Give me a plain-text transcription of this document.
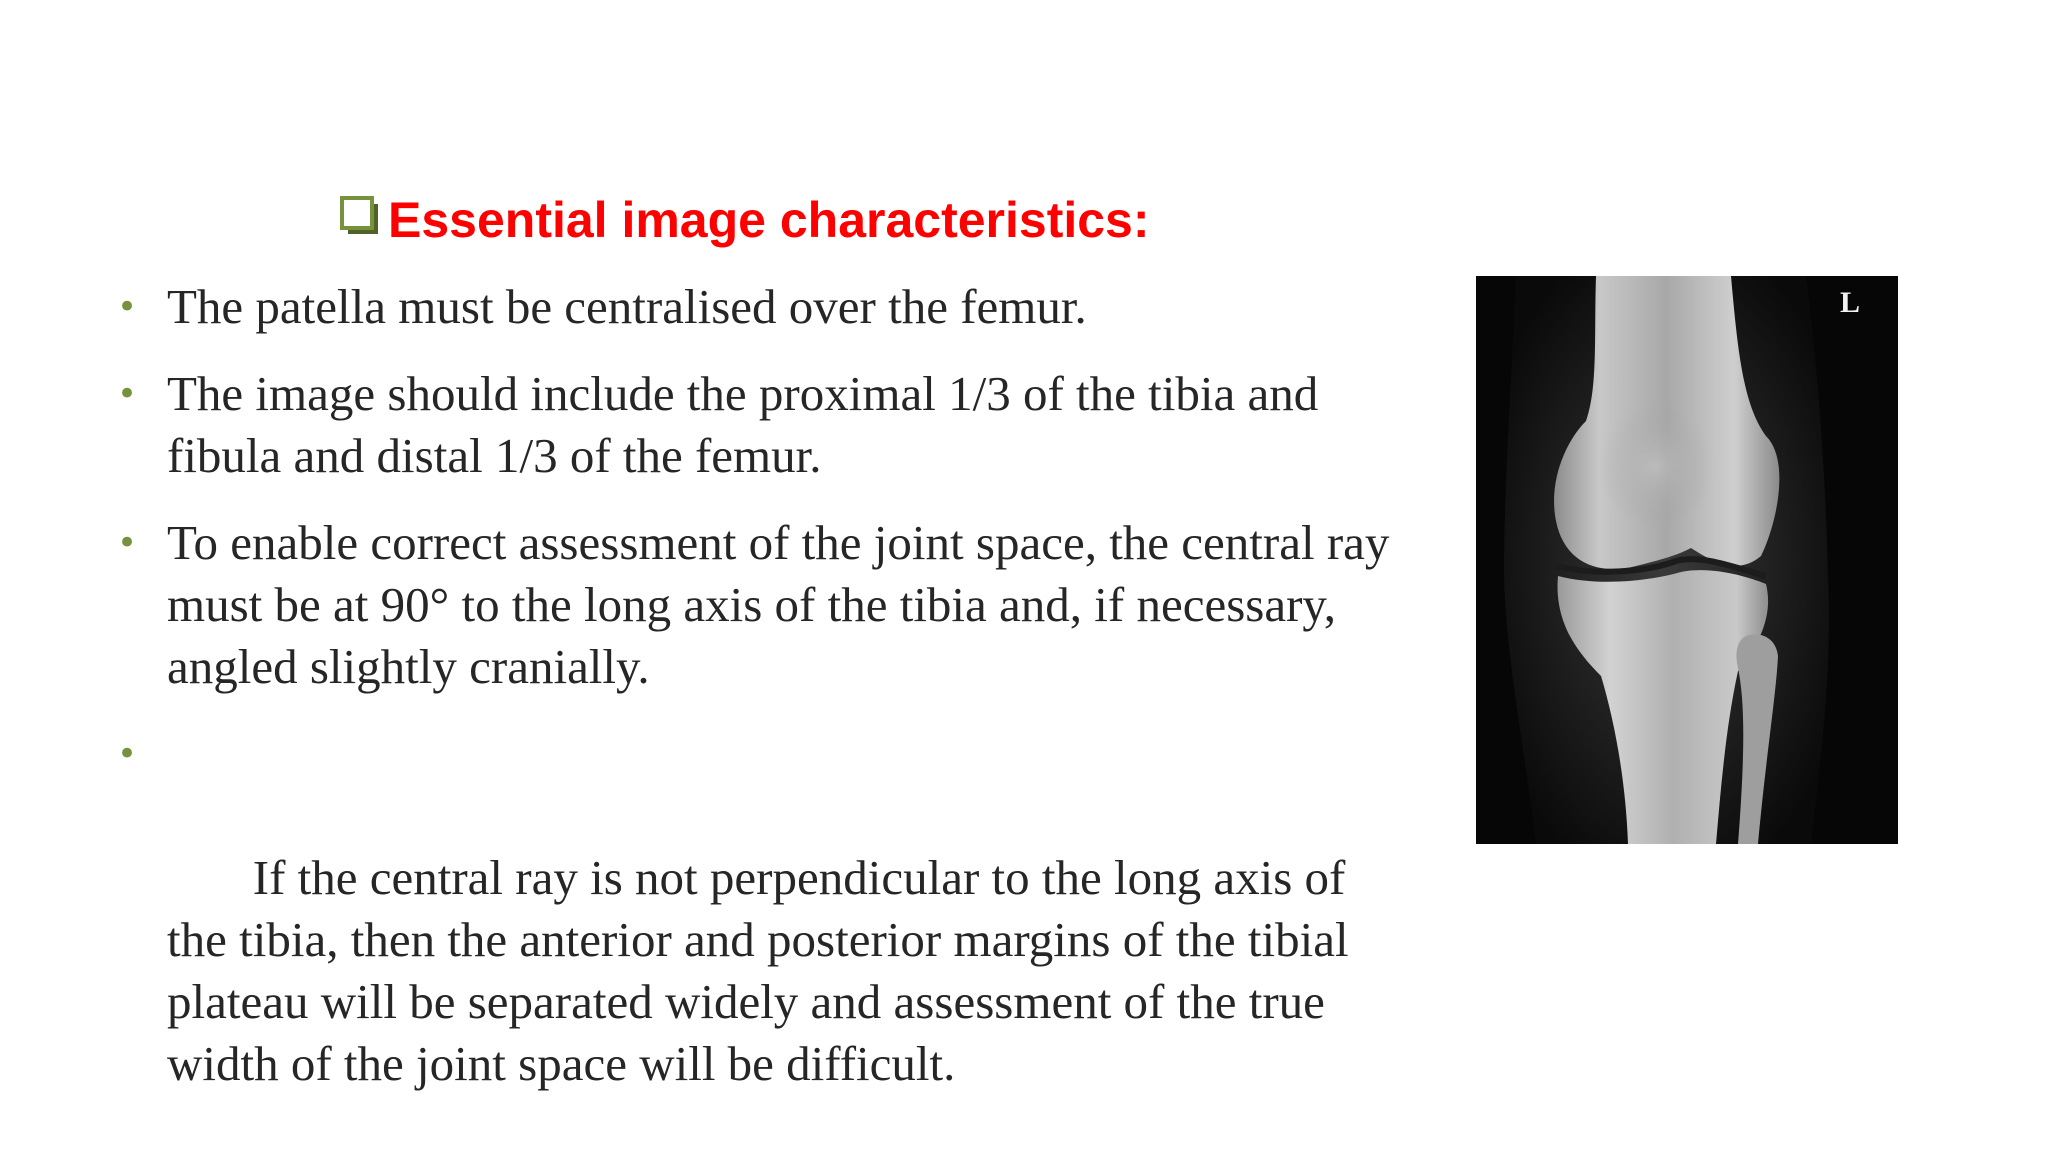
Essential image characteristics:
• The patella must be centralised over the femur.
• The image should include the proximal 1/3 of the tibia and fibula and distal 1/3 of the femur.
• To enable correct assessment of the joint space, the central ray must be at 90° to the long axis of the tibia and, if necessary, angled slightly cranially.

•

If the central ray is not perpendicular to the long axis of the tibia, then the anterior and posterior margins of the tibial plateau will be separated widely and assessment of the true width of the joint space will be difficult.

L
